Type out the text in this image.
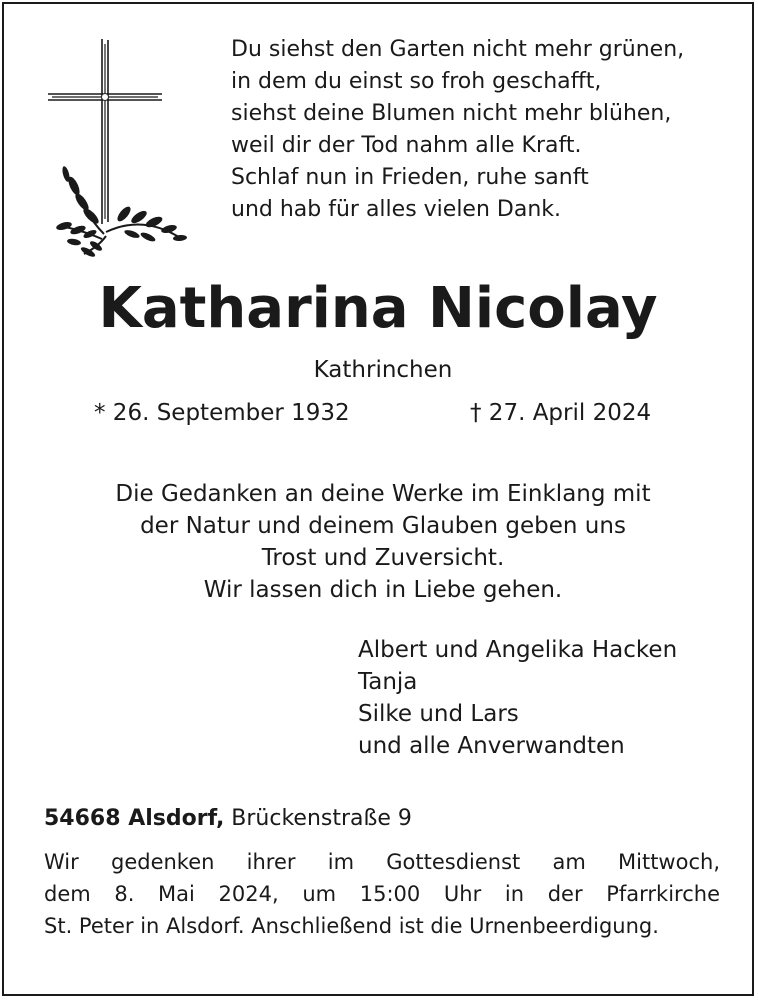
Du siehst den Garten nicht mehr grünen,
in dem du einst so froh geschafft,
siehst deine Blumen nicht mehr blühen,
weil dir der Tod nahm alle Kraft.
Schlaf nun in Frieden, ruhe sanft
und hab für alles vielen Dank.
Katharina Nicolay
Kathrinchen
* 26. September 1932	† 27. April 2024
Die Gedanken an deine Werke im Einklang mit
der Natur und deinem Glauben geben uns
Trost und Zuversicht.
Wir lassen dich in Liebe gehen.
Albert und Angelika Hacken
Tanja
Silke und Lars
und alle Anverwandten
54668 Alsdorf, Brückenstraße 9
Wir gedenken ihrer im Gottesdienst am Mittwoch,
dem 8. Mai 2024, um 15:00 Uhr in der Pfarrkirche
St. Peter in Alsdorf. Anschließend ist die Urnenbeerdigung.
